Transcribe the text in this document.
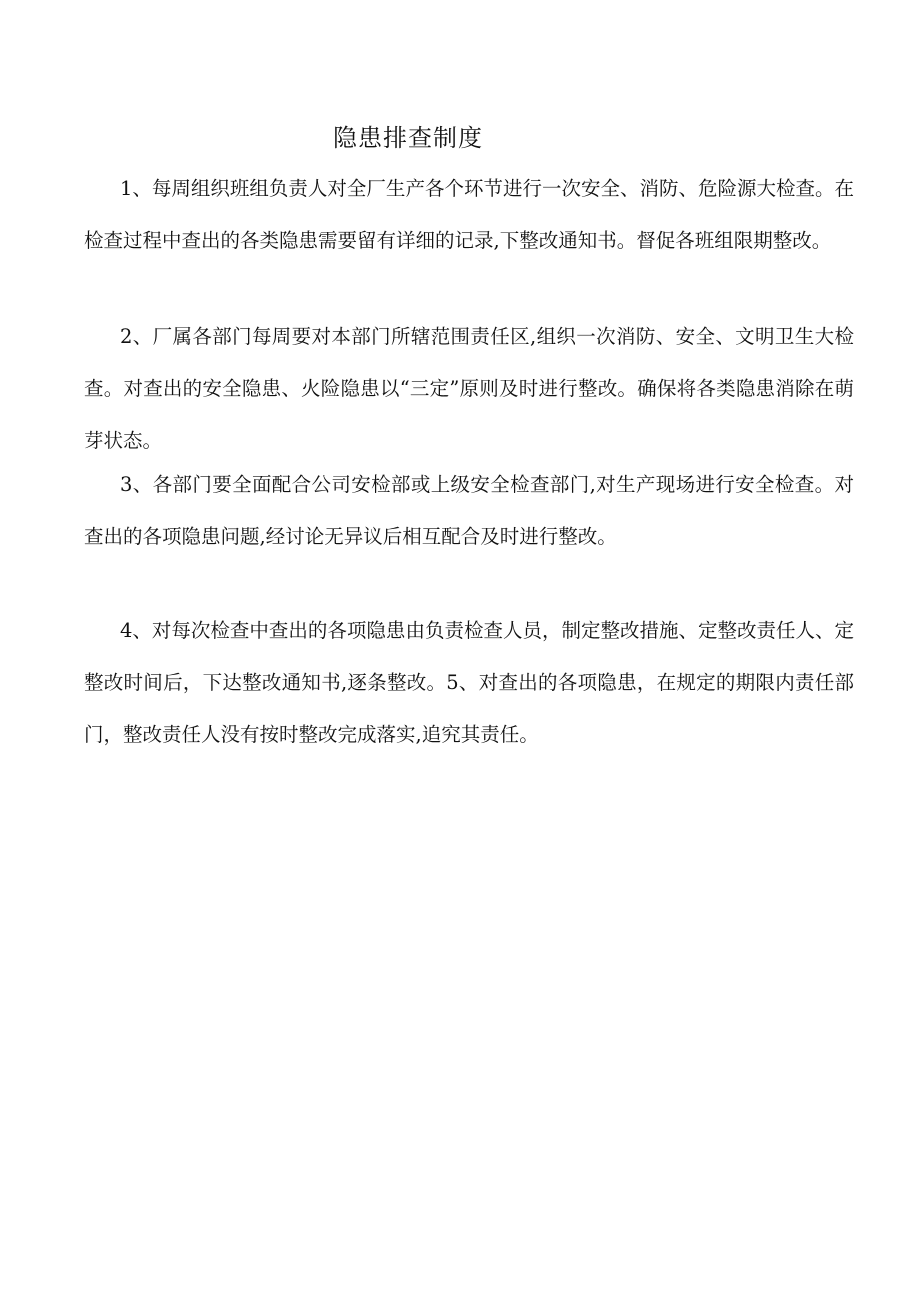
隐患排查制度

1、每周组织班组负责人对全厂生产各个环节进行一次安全、消防、危险源大检查。在检查过程中查出的各类隐患需要留有详细的记录,下整改通知书。督促各班组限期整改。

2、厂属各部门每周要对本部门所辖范围责任区,组织一次消防、安全、文明卫生大检查。对查出的安全隐患、火险隐患以“三定”原则及时进行整改。确保将各类隐患消除在萌芽状态。

3、各部门要全面配合公司安检部或上级安全检查部门,对生产现场进行安全检查。对查出的各项隐患问题,经讨论无异议后相互配合及时进行整改。

4、对每次检查中查出的各项隐患由负责检查人员，制定整改措施、定整改责任人、定整改时间后，下达整改通知书,逐条整改。5、对查出的各项隐患，在规定的期限内责任部门，整改责任人没有按时整改完成落实,追究其责任。
